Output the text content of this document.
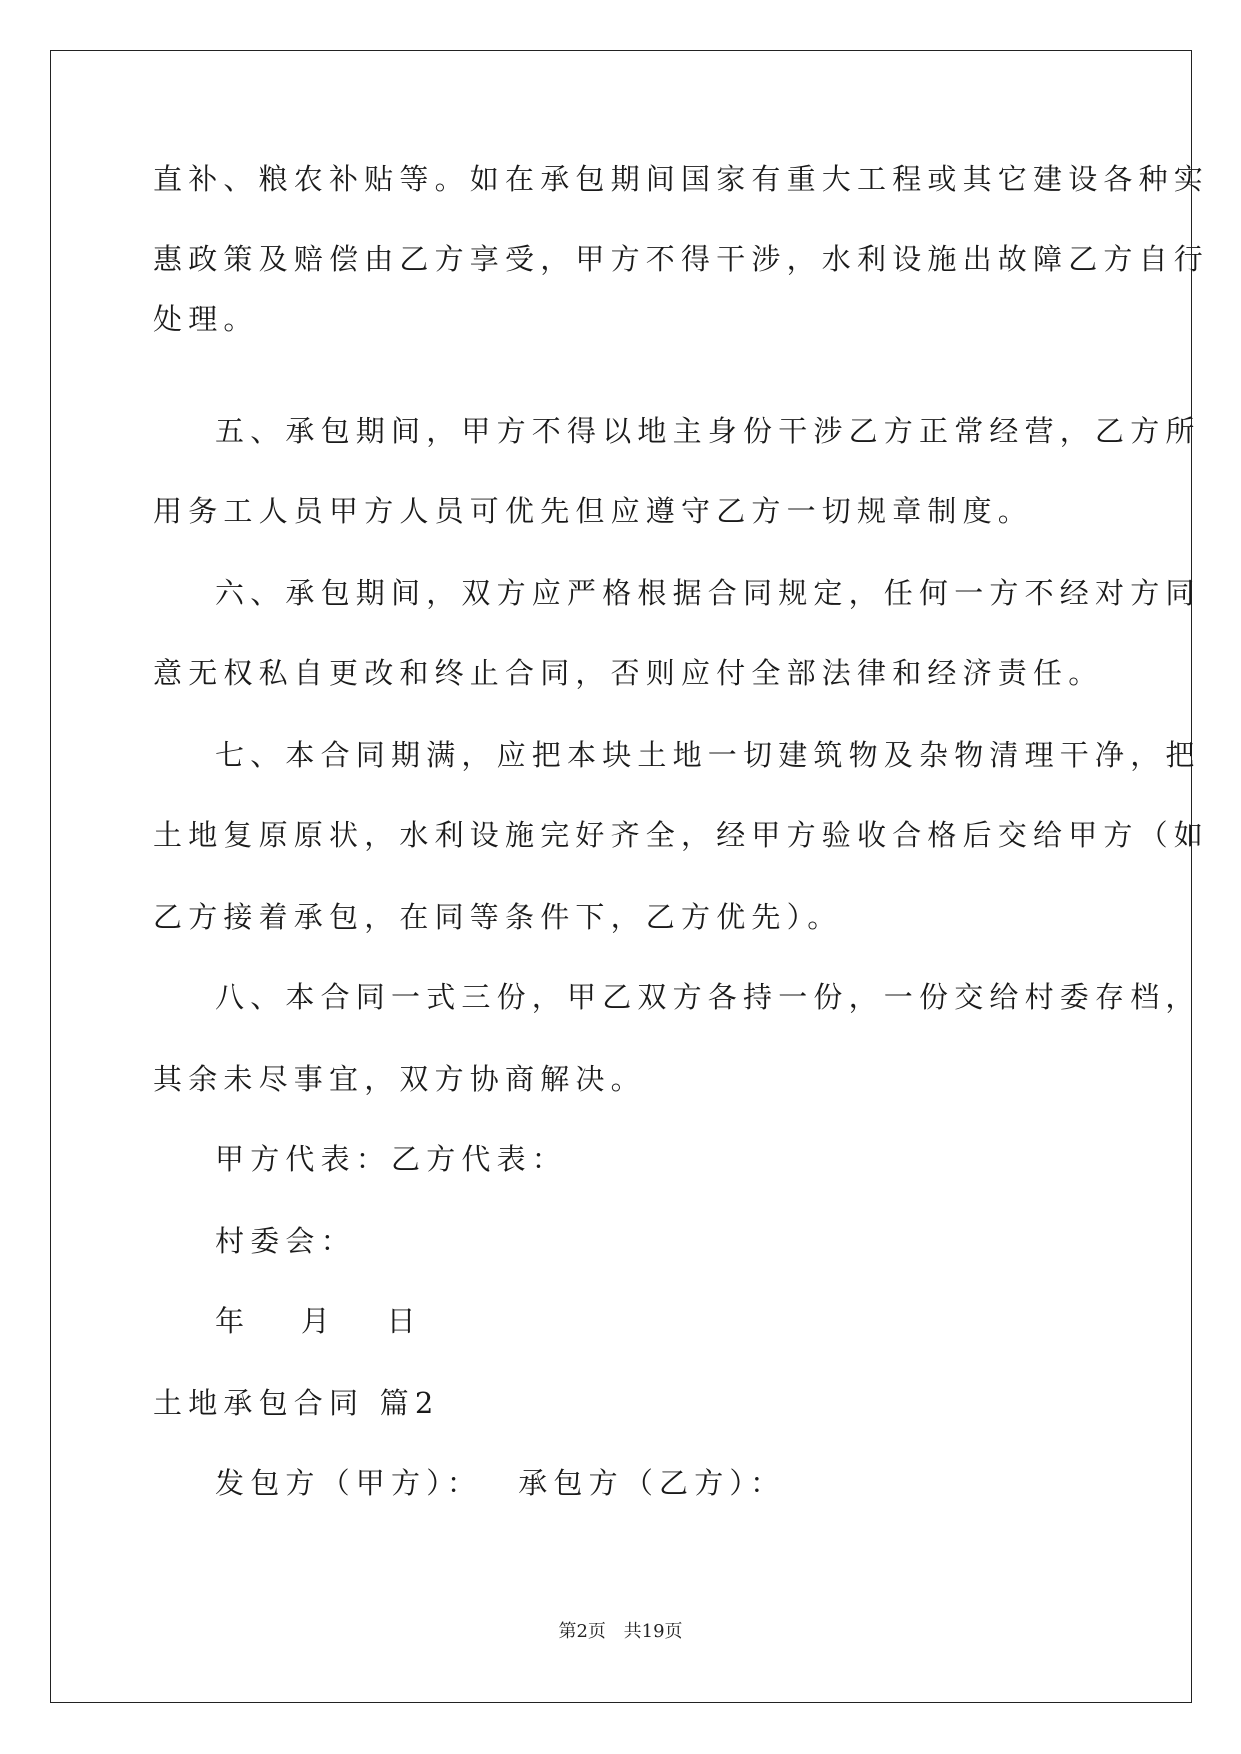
直补、粮农补贴等。如在承包期间国家有重大工程或其它建设各种实
惠政策及赔偿由乙方享受，甲方不得干涉，水利设施出故障乙方自行
处理。
五、承包期间，甲方不得以地主身份干涉乙方正常经营，乙方所
用务工人员甲方人员可优先但应遵守乙方一切规章制度。
六、承包期间，双方应严格根据合同规定，任何一方不经对方同
意无权私自更改和终止合同，否则应付全部法律和经济责任。
七、本合同期满，应把本块土地一切建筑物及杂物清理干净，把
土地复原原状，水利设施完好齐全，经甲方验收合格后交给甲方（如
乙方接着承包，在同等条件下，乙方优先）。
八、本合同一式三份，甲乙双方各持一份，一份交给村委存档，
其余未尽事宜，双方协商解决。
甲方代表：乙方代表：
村委会：
年　 月　 日
土地承包合同 篇2
发包方（甲方）：　 承包方（乙方）：
第2页 共19页
